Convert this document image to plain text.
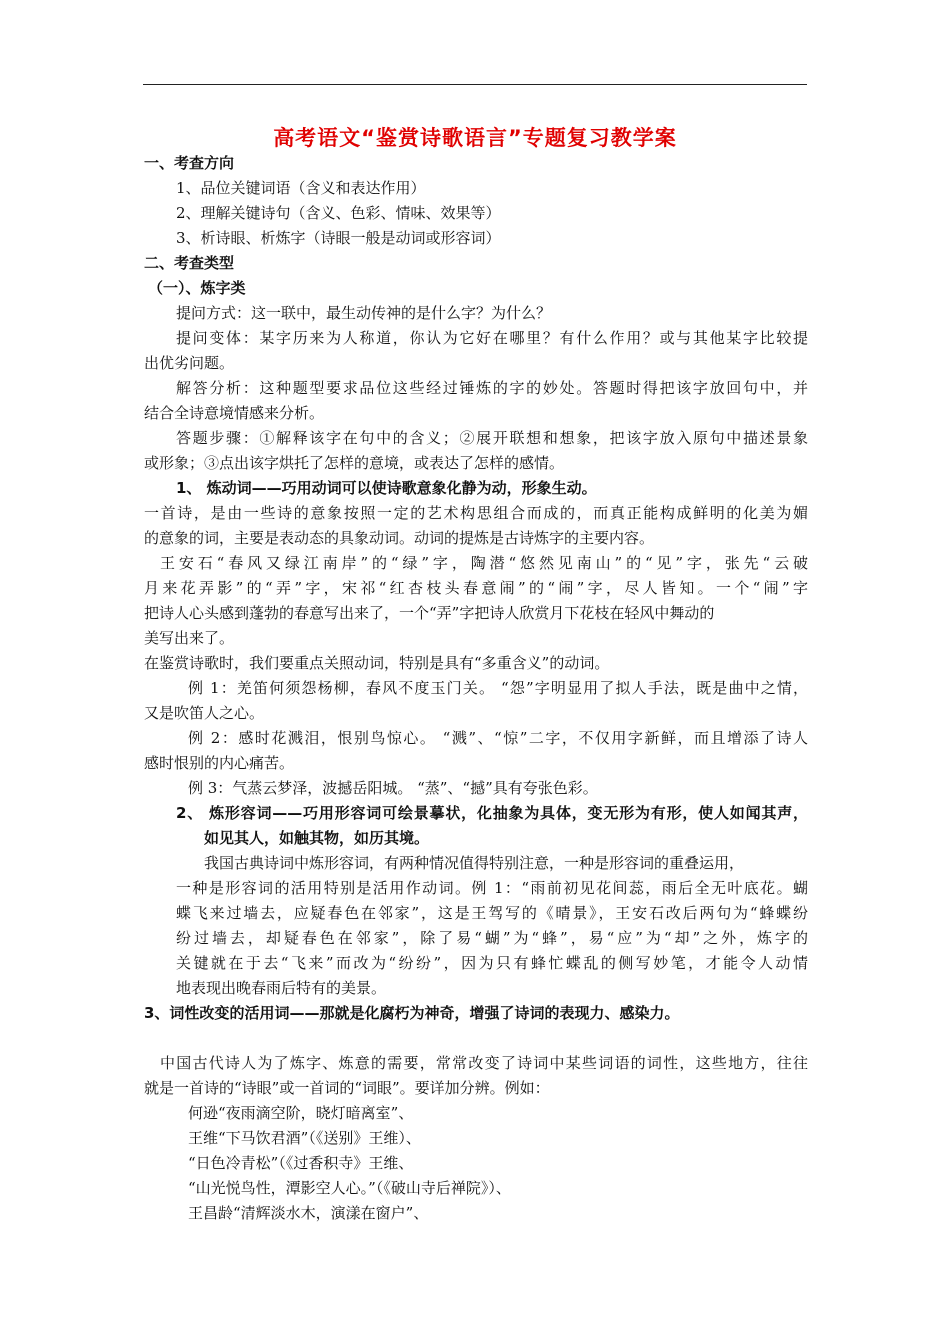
高考语文“鉴赏诗歌语言”专题复习教学案
一、考查方向
1、品位关键词语（含义和表达作用）
2、理解关键诗句（含义、色彩、情味、效果等）
3、析诗眼、析炼字（诗眼一般是动词或形容词）
二、考查类型
（一）、炼字类
提问方式：这一联中，最生动传神的是什么字？为什么？
提问变体：某字历来为人称道，你认为它好在哪里？有什么作用？或与其他某字比较提
出优劣问题。
解答分析：这种题型要求品位这些经过锤炼的字的妙处。答题时得把该字放回句中，并
结合全诗意境情感来分析。
答题步骤：①解释该字在句中的含义；②展开联想和想象，把该字放入原句中描述景象
或形象；③点出该字烘托了怎样的意境，或表达了怎样的感情。
1、 炼动词——巧用动词可以使诗歌意象化静为动，形象生动。
一首诗，是由一些诗的意象按照一定的艺术构思组合而成的，而真正能构成鲜明的化美为媚
的意象的词，主要是表动态的具象动词。动词的提炼是古诗炼字的主要内容。
王安石“春风又绿江南岸”的“绿”字，陶潜“悠然见南山”的“见”字，张先“云破
月来花弄影”的“弄”字，宋祁“红杏枝头春意闹”的“闹”字，尽人皆知。一个“闹”字
把诗人心头感到蓬勃的春意写出来了，一个“弄”字把诗人欣赏月下花枝在轻风中舞动的
美写出来了。
在鉴赏诗歌时，我们要重点关照动词，特别是具有“多重含义”的动词。
例 1：羌笛何须怨杨柳，春风不度玉门关。 “怨”字明显用了拟人手法，既是曲中之情，
又是吹笛人之心。
例 2：感时花溅泪，恨别鸟惊心。 “溅”、“惊”二字，不仅用字新鲜，而且增添了诗人
感时恨别的内心痛苦。
例 3：气蒸云梦泽，波撼岳阳城。 “蒸”、“撼”具有夸张色彩。
2、 炼形容词——巧用形容词可绘景摹状，化抽象为具体，变无形为有形，使人如闻其声，
如见其人，如触其物，如历其境。
我国古典诗词中炼形容词，有两种情况值得特别注意，一种是形容词的重叠运用，
一种是形容词的活用特别是活用作动词。例 1：“雨前初见花间蕊，雨后全无叶底花。蝴
蝶飞来过墙去，应疑春色在邻家”，这是王驾写的《晴景》，王安石改后两句为“蜂蝶纷
纷过墙去，却疑春色在邻家”，除了易“蝴”为“蜂”，易“应”为“却”之外，炼字的
关键就在于去“飞来”而改为“纷纷”，因为只有蜂忙蝶乱的侧写妙笔，才能令人动情
地表现出晚春雨后特有的美景。
3、词性改变的活用词——那就是化腐朽为神奇，增强了诗词的表现力、感染力。
中国古代诗人为了炼字、炼意的需要，常常改变了诗词中某些词语的词性，这些地方，往往
就是一首诗的“诗眼”或一首词的“词眼”。要详加分辨。例如：
何逊“夜雨滴空阶，晓灯暗离室”、
王维“下马饮君酒”（《送别》王维）、
“日色冷青松”（《过香积寺》王维、
“山光悦鸟性，潭影空人心。”（《破山寺后禅院》）、
王昌龄“清辉淡水木，演漾在窗户”、
